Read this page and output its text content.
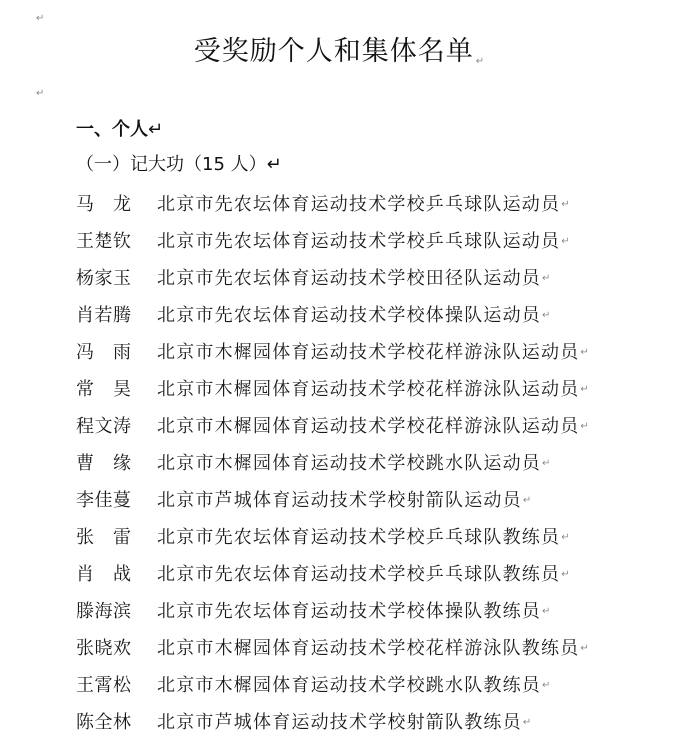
↵
受奖励个人和集体名单 ↵
↵
一、个人↵
（一）记大功（15 人）↵
马　龙	北京市先农坛体育运动技术学校乒乓球队运动员 ↵
王楚钦	北京市先农坛体育运动技术学校乒乓球队运动员 ↵
杨家玉	北京市先农坛体育运动技术学校田径队运动员 ↵
肖若腾	北京市先农坛体育运动技术学校体操队运动员 ↵
冯　雨	北京市木樨园体育运动技术学校花样游泳队运动员 ↵
常　昊	北京市木樨园体育运动技术学校花样游泳队运动员 ↵
程文涛	北京市木樨园体育运动技术学校花样游泳队运动员 ↵
曹　缘	北京市木樨园体育运动技术学校跳水队运动员 ↵
李佳蔓	北京市芦城体育运动技术学校射箭队运动员 ↵
张　雷	北京市先农坛体育运动技术学校乒乓球队教练员 ↵
肖　战	北京市先农坛体育运动技术学校乒乓球队教练员 ↵
滕海滨	北京市先农坛体育运动技术学校体操队教练员 ↵
张晓欢	北京市木樨园体育运动技术学校花样游泳队教练员 ↵
王霄松	北京市木樨园体育运动技术学校跳水队教练员 ↵
陈全林	北京市芦城体育运动技术学校射箭队教练员 ↵
